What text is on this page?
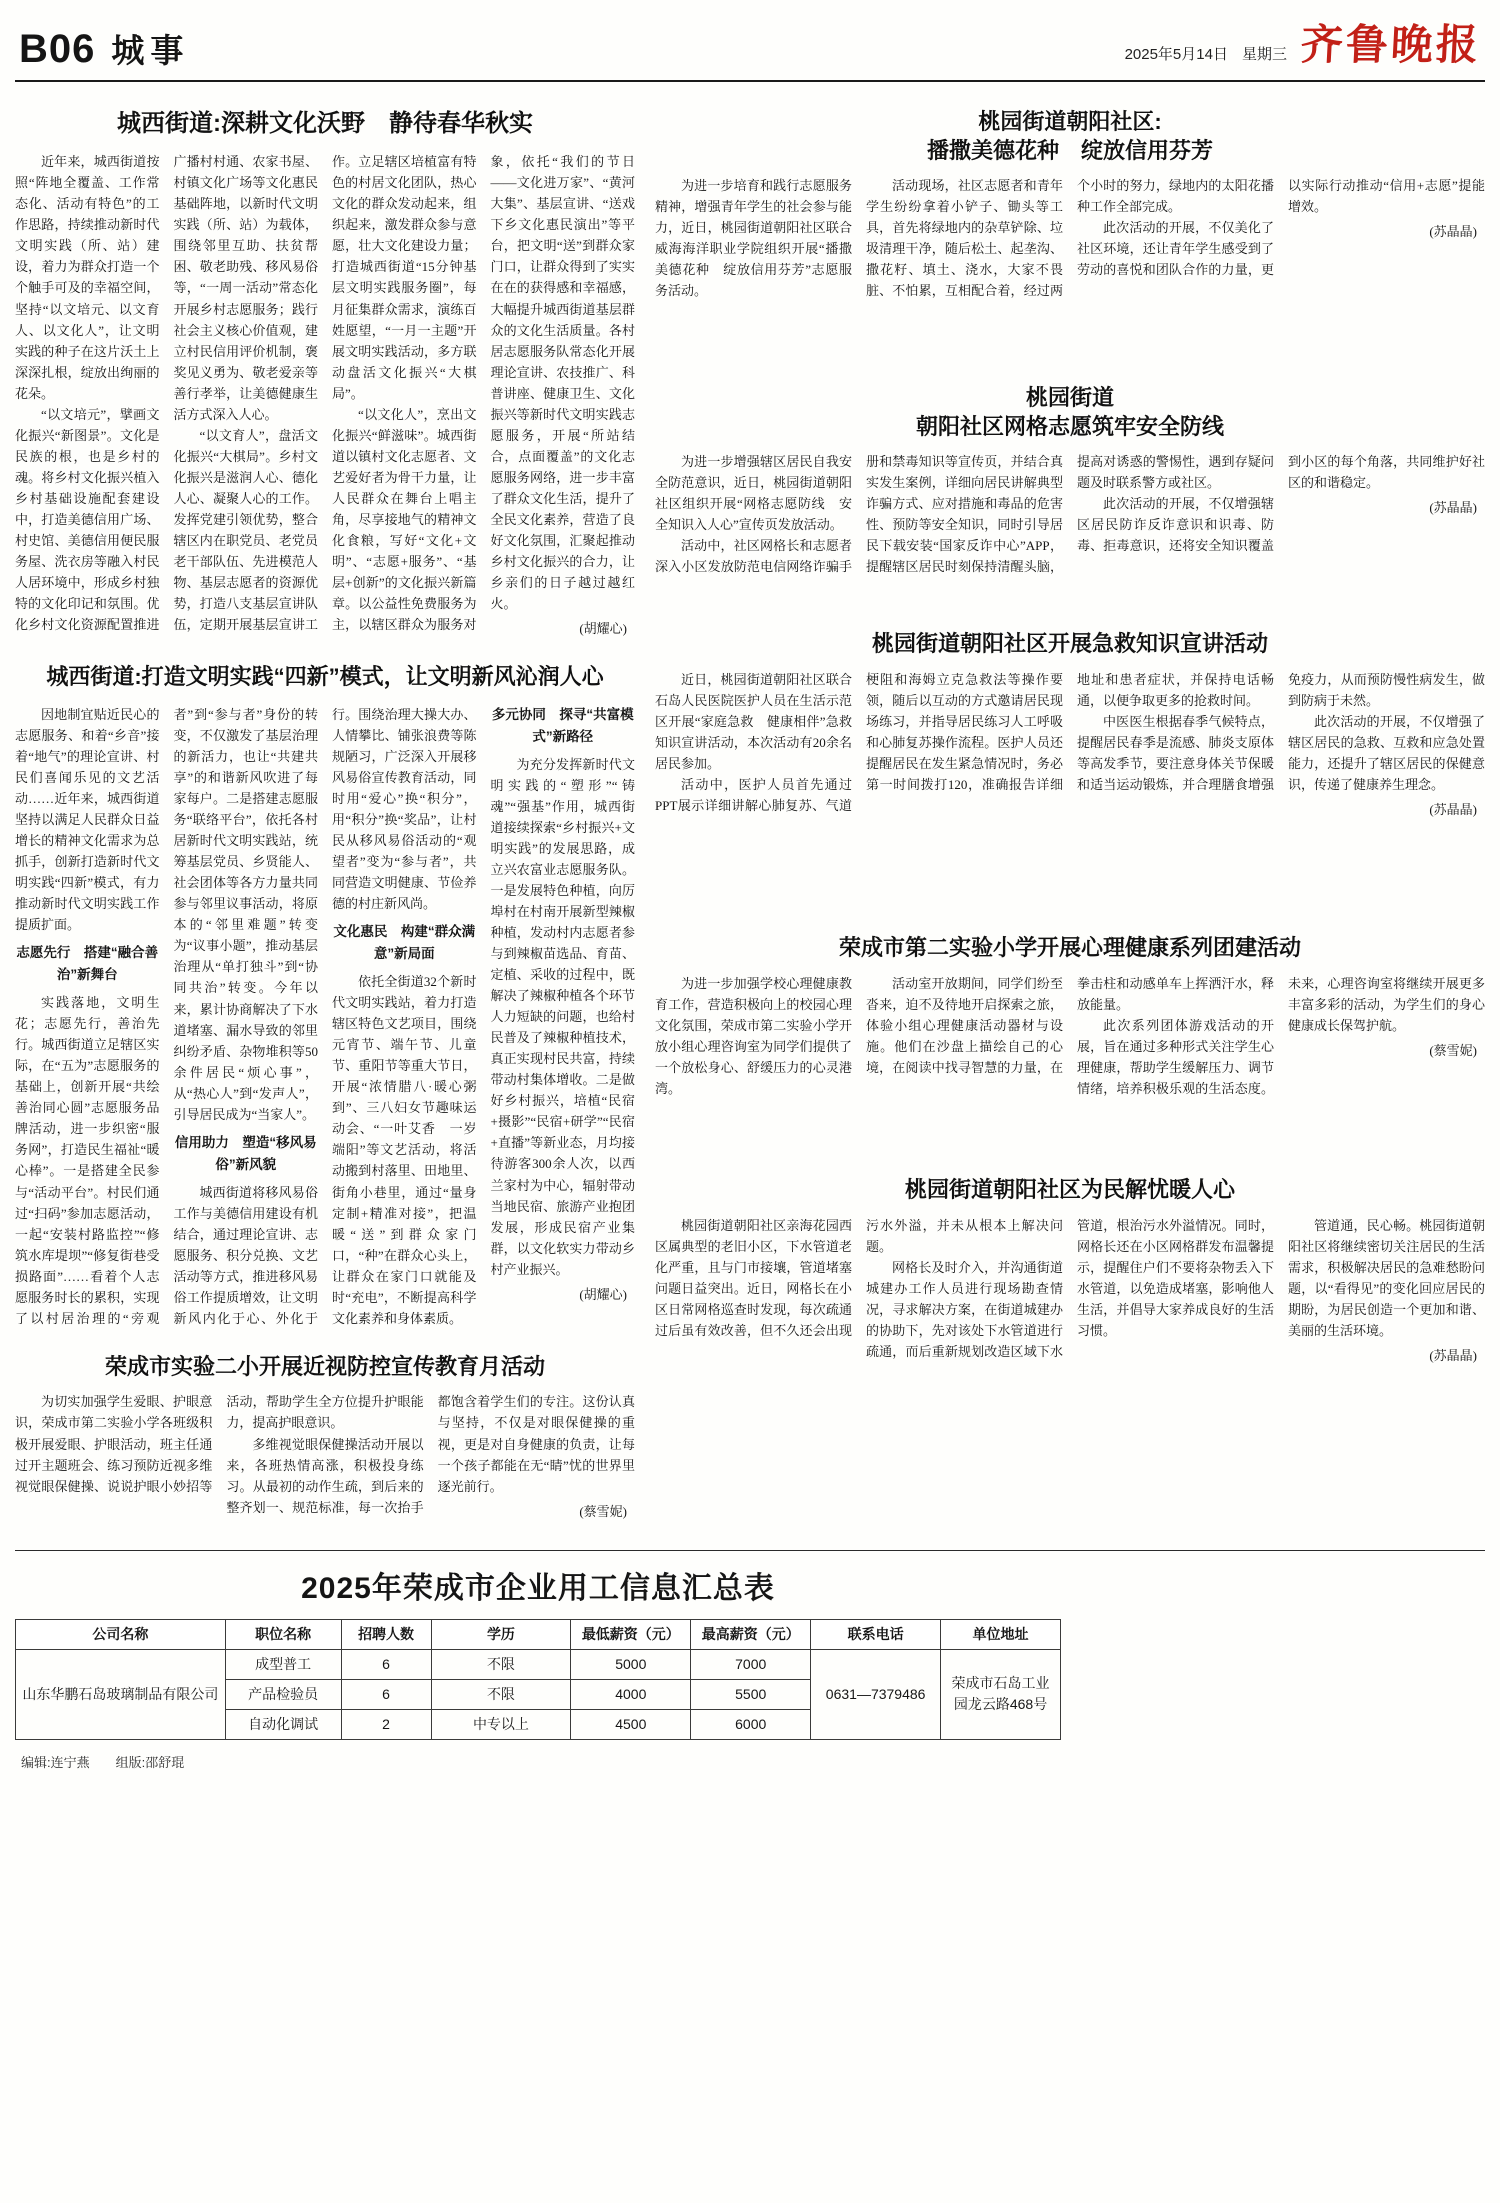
B06 城事	2025年5月14日 星期三 齐鲁晚报
城西街道:深耕文化沃野　静待春华秋实

近年来，城西街道按照“阵地全覆盖、工作常态化、活动有特色”的工作思路，持续推动新时代文明实践（所、站）建设，着力为群众打造一个个触手可及的幸福空间，坚持“以文培元、以文育人、以文化人”，让文明实践的种子在这片沃土上深深扎根，绽放出绚丽的花朵。

“以文培元”，擘画文化振兴“新图景”。文化是民族的根，也是乡村的魂。将乡村文化振兴植入乡村基础设施配套建设中，打造美德信用广场、村史馆、美德信用便民服务屋、洗衣房等融入村民人居环境中，形成乡村独特的文化印记和氛围。优化乡村文化资源配置推进广播村村通、农家书屋、村镇文化广场等文化惠民基础阵地，以新时代文明实践（所、站）为载体，围绕邻里互助、扶贫帮困、敬老助残、移风易俗等，“一周一活动”常态化开展乡村志愿服务；践行社会主义核心价值观，建立村民信用评价机制，褒奖见义勇为、敬老爱亲等善行孝举，让美德健康生活方式深入人心。

“以文育人”，盘活文化振兴“大棋局”。乡村文化振兴是滋润人心、德化人心、凝聚人心的工作。发挥党建引领优势，整合辖区内在职党员、老党员老干部队伍、先进模范人物、基层志愿者的资源优势，打造八支基层宣讲队伍，定期开展基层宣讲工作。立足辖区培植富有特色的村居文化团队，热心文化的群众发动起来，组织起来，激发群众参与意愿，壮大文化建设力量；打造城西街道“15分钟基层文明实践服务圈”，每月征集群众需求，演练百姓愿望，“一月一主题”开展文明实践活动，多方联动盘活文化振兴“大棋局”。

“以文化人”，烹出文化振兴“鲜滋味”。城西街道以镇村文化志愿者、文艺爱好者为骨干力量，让人民群众在舞台上唱主角，尽享接地气的精神文化食粮，写好“文化+文明”、“志愿+服务”、“基层+创新”的文化振兴新篇章。以公益性免费服务为主，以辖区群众为服务对象，依托“我们的节日——文化进万家”、“黄河大集”、基层宣讲、“送戏下乡文化惠民演出”等平台，把文明“送”到群众家门口，让群众得到了实实在在的获得感和幸福感，大幅提升城西街道基层群众的文化生活质量。各村居志愿服务队常态化开展理论宣讲、农技推广、科普讲座、健康卫生、文化振兴等新时代文明实践志愿服务，开展“所站结合，点面覆盖”的文化志愿服务网络，进一步丰富了群众文化生活，提升了全民文化素养，营造了良好文化氛围，汇聚起推动乡村文化振兴的合力，让乡亲们的日子越过越红火。

(胡耀心)

城西街道:打造文明实践“四新”模式，让文明新风沁润人心

因地制宜贴近民心的志愿服务、和着“乡音”接着“地气”的理论宣讲、村民们喜闻乐见的文艺活动……近年来，城西街道坚持以满足人民群众日益增长的精神文化需求为总抓手，创新打造新时代文明实践“四新”模式，有力推动新时代文明实践工作提质扩面。

志愿先行　搭建“融合善治”新舞台

实践落地，文明生花；志愿先行，善治先行。城西街道立足辖区实际，在“五为”志愿服务的基础上，创新开展“共绘善治同心圆”志愿服务品牌活动，进一步织密“服务网”，打造民生福祉“暖心棒”。一是搭建全民参与“活动平台”。村民们通过“扫码”参加志愿活动，一起“安装村路监控”“修筑水库堤坝”“修复街巷受损路面”……看着个人志愿服务时长的累积，实现了以村居治理的“旁观者”到“参与者”身份的转变，不仅激发了基层治理的新活力，也让“共建共享”的和谐新风吹进了每家每户。二是搭建志愿服务“联络平台”，依托各村居新时代文明实践站，统筹基层党员、乡贤能人、社会团体等各方力量共同参与邻里议事活动，将原本的“邻里难题”转变为“议事小题”，推动基层治理从“单打独斗”到“协同共治”转变。今年以来，累计协商解决了下水道堵塞、漏水导致的邻里纠纷矛盾、杂物堆积等50余件居民“烦心事”，从“热心人”到“发声人”，引导居民成为“当家人”。

信用助力　塑造“移风易俗”新风貌

城西街道将移风易俗工作与美德信用建设有机结合，通过理论宣讲、志愿服务、积分兑换、文艺活动等方式，推进移风易俗工作提质增效，让文明新风内化于心、外化于行。围绕治理大操大办、人情攀比、铺张浪费等陈规陋习，广泛深入开展移风易俗宣传教育活动，同时用“爱心”换“积分”，用“积分”换“奖品”，让村民从移风易俗活动的“观望者”变为“参与者”，共同营造文明健康、节俭养德的村庄新风尚。

文化惠民　构建“群众满意”新局面

依托全街道32个新时代文明实践站，着力打造辖区特色文艺项目，围绕元宵节、端午节、儿童节、重阳节等重大节日，开展“浓情腊八·暖心粥到”、三八妇女节趣味运动会、“一叶艾香　一岁端阳”等文艺活动，将活动搬到村落里、田地里、街角小巷里，通过“量身定制+精准对接”，把温暖“送”到群众家门口，“种”在群众心头上，让群众在家门口就能及时“充电”，不断提高科学文化素养和身体素质。

多元协同　探寻“共富模式”新路径

为充分发挥新时代文明实践的“塑形”“铸魂”“强基”作用，城西街道接续探索“乡村振兴+文明实践”的发展思路，成立兴农富业志愿服务队。一是发展特色种植，向厉埠村在村南开展新型辣椒种植，发动村内志愿者参与到辣椒苗选品、育苗、定植、采收的过程中，既解决了辣椒种植各个环节人力短缺的问题，也给村民普及了辣椒种植技术，真正实现村民共富，持续带动村集体增收。二是做好乡村振兴，培植“民宿+摄影”“民宿+研学”“民宿+直播”等新业态，月均接待游客300余人次，以西兰家村为中心，辐射带动当地民宿、旅游产业抱团发展，形成民宿产业集群，以文化软实力带动乡村产业振兴。

(胡耀心)

荣成市实验二小开展近视防控宣传教育月活动

为切实加强学生爱眼、护眼意识，荣成市第二实验小学各班级积极开展爱眼、护眼活动，班主任通过开主题班会、练习预防近视多维视觉眼保健操、说说护眼小妙招等活动，帮助学生全方位提升护眼能力，提高护眼意识。

多维视觉眼保健操活动开展以来，各班热情高涨，积极投身练习。从最初的动作生疏，到后来的整齐划一、规范标准，每一次抬手都饱含着学生们的专注。这份认真与坚持，不仅是对眼保健操的重视，更是对自身健康的负责，让每一个孩子都能在无“睛”忧的世界里逐光前行。

(蔡雪妮)

桃园街道朝阳社区:
播撒美德花种　绽放信用芬芳

为进一步培育和践行志愿服务精神，增强青年学生的社会参与能力，近日，桃园街道朝阳社区联合威海海洋职业学院组织开展“播撒美德花种　绽放信用芬芳”志愿服务活动。

活动现场，社区志愿者和青年学生纷纷拿着小铲子、锄头等工具，首先将绿地内的杂草铲除、垃圾清理干净，随后松土、起垄沟、撒花籽、填土、浇水，大家不畏脏、不怕累，互相配合着，经过两个小时的努力，绿地内的太阳花播种工作全部完成。

此次活动的开展，不仅美化了社区环境，还让青年学生感受到了劳动的喜悦和团队合作的力量，更以实际行动推动“信用+志愿”提能增效。

(苏晶晶)

桃园街道
朝阳社区网格志愿筑牢安全防线

为进一步增强辖区居民自我安全防范意识，近日，桃园街道朝阳社区组织开展“网格志愿防线　安全知识入人心”宣传页发放活动。

活动中，社区网格长和志愿者深入小区发放防范电信网络诈骗手册和禁毒知识等宣传页，并结合真实发生案例，详细向居民讲解典型诈骗方式、应对措施和毒品的危害性、预防等安全知识，同时引导居民下载安装“国家反诈中心”APP，提醒辖区居民时刻保持清醒头脑，提高对诱惑的警惕性，遇到存疑问题及时联系警方或社区。

此次活动的开展，不仅增强辖区居民防诈反诈意识和识毒、防毒、拒毒意识，还将安全知识覆盖到小区的每个角落，共同维护好社区的和谐稳定。

(苏晶晶)

桃园街道朝阳社区开展急救知识宣讲活动

近日，桃园街道朝阳社区联合石岛人民医院医护人员在生活示范区开展“家庭急救　健康相伴”急救知识宣讲活动，本次活动有20余名居民参加。

活动中，医护人员首先通过PPT展示详细讲解心肺复苏、气道梗阻和海姆立克急救法等操作要领，随后以互动的方式邀请居民现场练习，并指导居民练习人工呼吸和心肺复苏操作流程。医护人员还提醒居民在发生紧急情况时，务必第一时间拨打120，准确报告详细地址和患者症状，并保持电话畅通，以便争取更多的抢救时间。

中医医生根据春季气候特点，提醒居民春季是流感、肺炎支原体等高发季节，要注意身体关节保暖和适当运动锻炼，并合理膳食增强免疫力，从而预防慢性病发生，做到防病于未然。

此次活动的开展，不仅增强了辖区居民的急救、互救和应急处置能力，还提升了辖区居民的保健意识，传递了健康养生理念。

(苏晶晶)

荣成市第二实验小学开展心理健康系列团建活动

为进一步加强学校心理健康教育工作，营造积极向上的校园心理文化氛围，荣成市第二实验小学开放小组心理咨询室为同学们提供了一个放松身心、舒缓压力的心灵港湾。

活动室开放期间，同学们纷至沓来，迫不及待地开启探索之旅，体验小组心理健康活动器材与设施。他们在沙盘上描绘自己的心境，在阅读中找寻智慧的力量，在拳击柱和动感单车上挥洒汗水，释放能量。

此次系列团体游戏活动的开展，旨在通过多种形式关注学生心理健康，帮助学生缓解压力、调节情绪，培养积极乐观的生活态度。未来，心理咨询室将继续开展更多丰富多彩的活动，为学生们的身心健康成长保驾护航。

(蔡雪妮)

桃园街道朝阳社区为民解忧暖人心

桃园街道朝阳社区亲海花园西区属典型的老旧小区，下水管道老化严重，且与门市接壤，管道堵塞问题日益突出。近日，网格长在小区日常网格巡查时发现，每次疏通过后虽有效改善，但不久还会出现污水外溢，并未从根本上解决问题。

网格长及时介入，并沟通街道城建办工作人员进行现场勘查情况，寻求解决方案，在街道城建办的协助下，先对该处下水管道进行疏通，而后重新规划改造区域下水管道，根治污水外溢情况。同时，网格长还在小区网格群发布温馨提示，提醒住户们不要将杂物丢入下水管道，以免造成堵塞，影响他人生活，并倡导大家养成良好的生活习惯。

管道通，民心畅。桃园街道朝阳社区将继续密切关注居民的生活需求，积极解决居民的急难愁盼问题，以“看得见”的变化回应居民的期盼，为居民创造一个更加和谐、美丽的生活环境。

(苏晶晶)

2025年荣成市企业用工信息汇总表
公司名称	职位名称	招聘人数	学历	最低薪资（元）	最高薪资（元）	联系电话	单位地址
山东华鹏石岛玻璃制品有限公司	成型普工	6	不限	5000	7000	0631—7379486	荣成市石岛工业园龙云路468号
	产品检验员	6	不限	4000	5500		
	自动化调试	2	中专以上	4500	6000		
编辑:连宁燕 组版:邵舒琨
